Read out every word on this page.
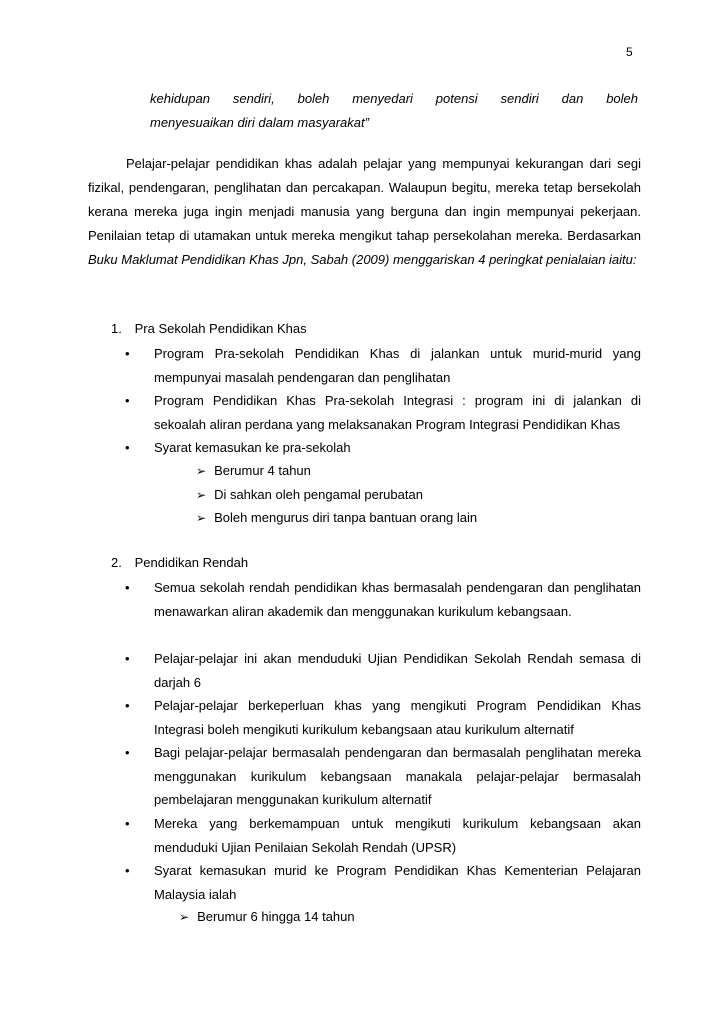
5
kehidupan sendiri, boleh menyedari potensi sendiri dan boleh
menyesuaikan diri dalam masyarakat”
Pelajar-pelajar pendidikan khas adalah pelajar yang mempunyai kekurangan dari segi fizikal, pendengaran, penglihatan dan percakapan. Walaupun begitu, mereka tetap bersekolah kerana mereka juga ingin menjadi manusia yang berguna dan ingin mempunyai pekerjaan. Penilaian tetap di utamakan untuk mereka mengikut tahap persekolahan mereka. Berdasarkan Buku Maklumat Pendidikan Khas Jpn, Sabah (2009) menggariskan 4 peringkat penialaian iaitu:
1. Pra Sekolah Pendidikan Khas
•	Program Pra-sekolah Pendidikan Khas di jalankan untuk murid-murid yang mempunyai masalah pendengaran dan penglihatan
•	Program Pendidikan Khas Pra-sekolah Integrasi : program ini di jalankan di sekoalah aliran perdana yang melaksanakan Program Integrasi Pendidikan Khas
•	Syarat kemasukan ke pra-sekolah
➢ Berumur 4 tahun
➢ Di sahkan oleh pengamal perubatan
➢ Boleh mengurus diri tanpa bantuan orang lain
2. Pendidikan Rendah
•	Semua sekolah rendah pendidikan khas bermasalah pendengaran dan penglihatan menawarkan aliran akademik dan menggunakan kurikulum kebangsaan.
•	Pelajar-pelajar ini akan menduduki Ujian Pendidikan Sekolah Rendah semasa di darjah 6
•	Pelajar-pelajar berkeperluan khas yang mengikuti Program Pendidikan Khas Integrasi boleh mengikuti kurikulum kebangsaan atau kurikulum alternatif
•	Bagi pelajar-pelajar bermasalah pendengaran dan bermasalah penglihatan mereka menggunakan kurikulum kebangsaan manakala pelajar-pelajar bermasalah pembelajaran menggunakan kurikulum alternatif
•	Mereka yang berkemampuan untuk mengikuti kurikulum kebangsaan akan menduduki Ujian Penilaian Sekolah Rendah (UPSR)
•	Syarat kemasukan murid ke Program Pendidikan Khas Kementerian Pelajaran Malaysia ialah
➢ Berumur 6 hingga 14 tahun
